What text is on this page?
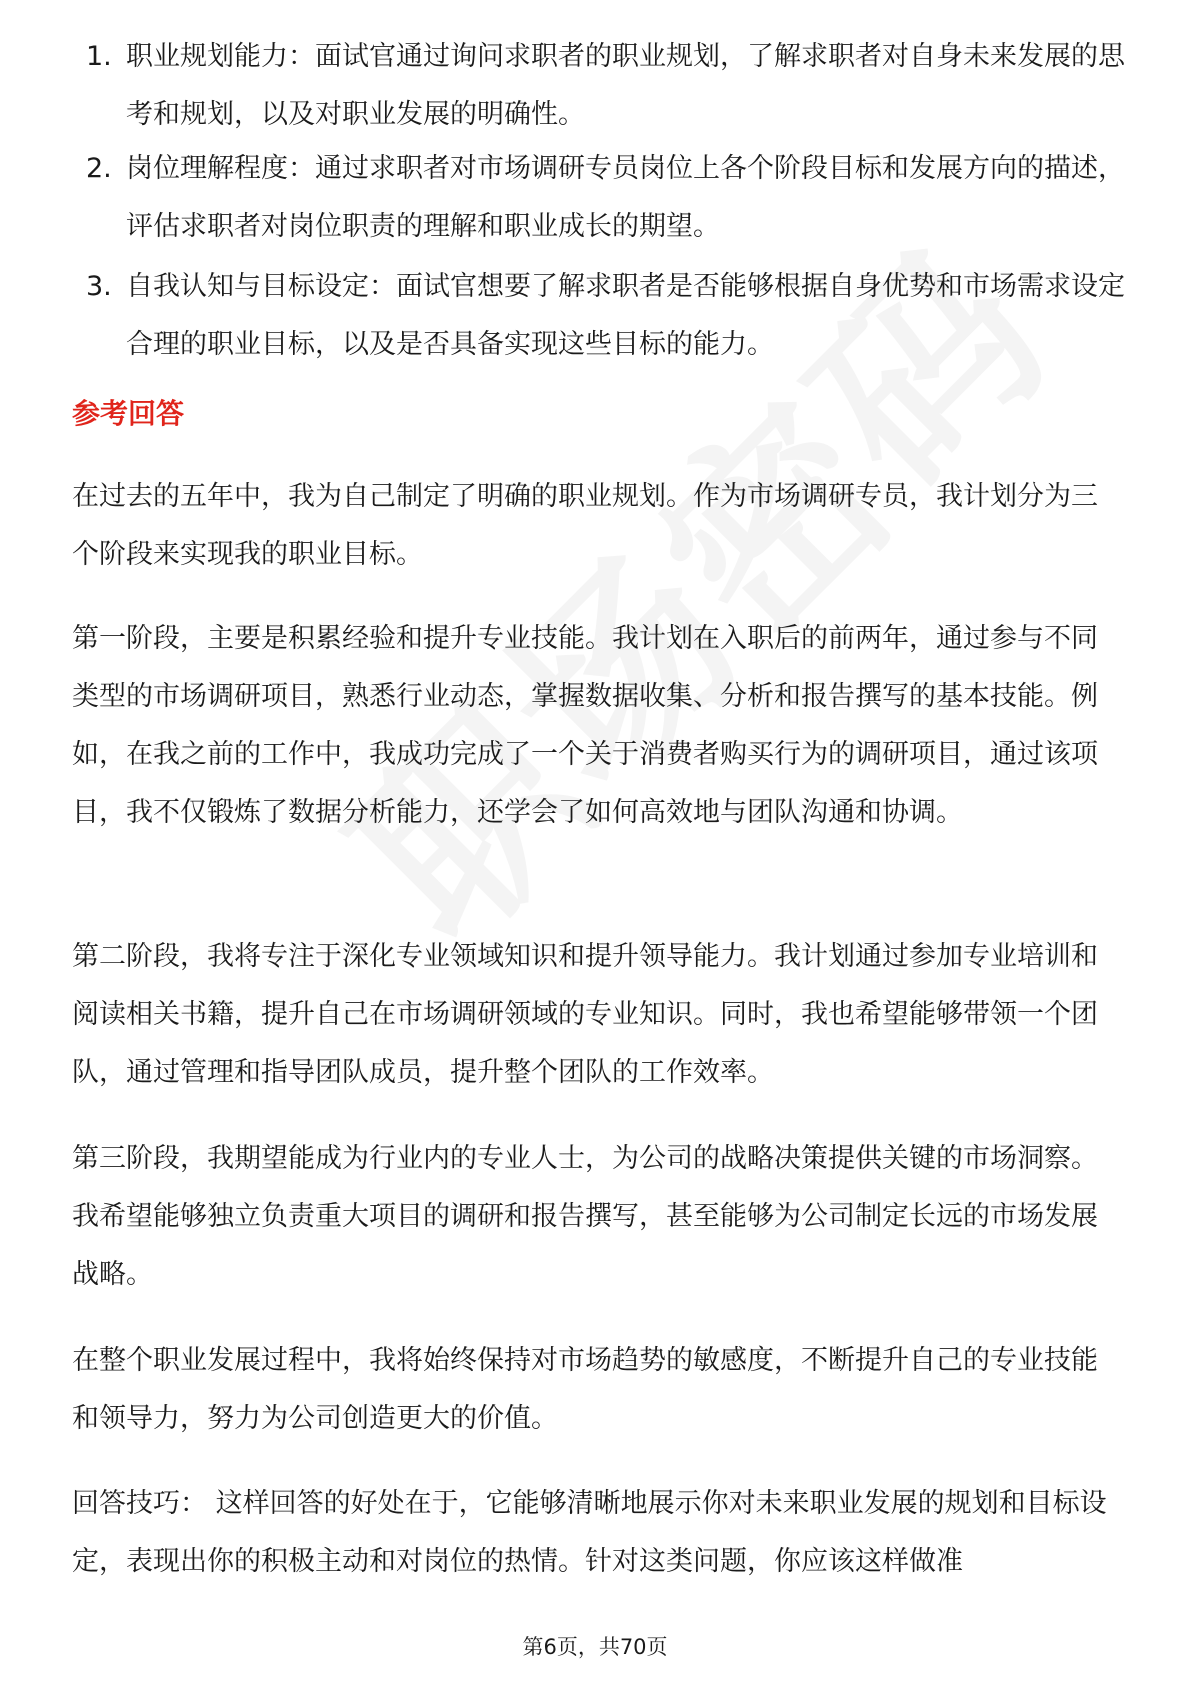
1. 职业规划能力：面试官通过询问求职者的职业规划，了解求职者对自身未来发展的思考和规划，以及对职业发展的明确性。
2. 岗位理解程度：通过求职者对市场调研专员岗位上各个阶段目标和发展方向的描述，评估求职者对岗位职责的理解和职业成长的期望。
3. 自我认知与目标设定：面试官想要了解求职者是否能够根据自身优势和市场需求设定合理的职业目标，以及是否具备实现这些目标的能力。
参考回答

在过去的五年中，我为自己制定了明确的职业规划。作为市场调研专员，我计划分为三个阶段来实现我的职业目标。

第一阶段，主要是积累经验和提升专业技能。我计划在入职后的前两年，通过参与不同类型的市场调研项目，熟悉行业动态，掌握数据收集、分析和报告撰写的基本技能。例如，在我之前的工作中，我成功完成了一个关于消费者购买行为的调研项目，通过该项目，我不仅锻炼了数据分析能力，还学会了如何高效地与团队沟通和协调。

第二阶段，我将专注于深化专业领域知识和提升领导能力。我计划通过参加专业培训和阅读相关书籍，提升自己在市场调研领域的专业知识。同时，我也希望能够带领一个团队，通过管理和指导团队成员，提升整个团队的工作效率。

第三阶段，我期望能成为行业内的专业人士，为公司的战略决策提供关键的市场洞察。我希望能够独立负责重大项目的调研和报告撰写，甚至能够为公司制定长远的市场发展战略。

在整个职业发展过程中，我将始终保持对市场趋势的敏感度，不断提升自己的专业技能和领导力，努力为公司创造更大的价值。

回答技巧： 这样回答的好处在于，它能够清晰地展示你对未来职业发展的规划和目标设定，表现出你的积极主动和对岗位的热情。针对这类问题，你应该这样做准

第6页，共70页
